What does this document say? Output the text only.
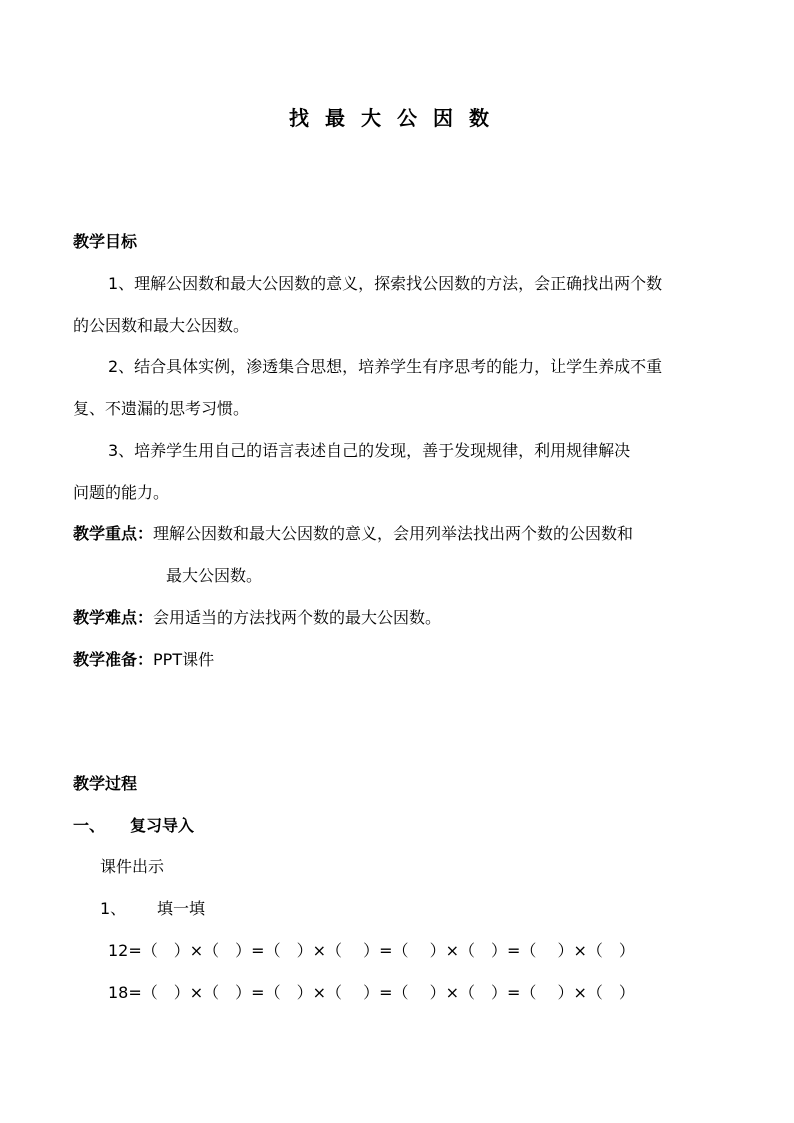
找最大公因数
教学目标
1、理解公因数和最大公因数的意义，探索找公因数的方法，会正确找出两个数
的公因数和最大公因数。
2、结合具体实例，渗透集合思想，培养学生有序思考的能力，让学生养成不重
复、不遗漏的思考习惯。
3、培养学生用自己的语言表述自己的发现，善于发现规律，利用规律解决
问题的能力。
教学重点：理解公因数和最大公因数的意义，会用列举法找出两个数的公因数和
最大公因数。
教学难点：会用适当的方法找两个数的最大公因数。
教学准备：PPT课件
教学过程
一、 复习导入
课件出示
1、 填一填
12=（　）×（　）=（　）×（　 ）=（　 ）×（　）=（　 ）×（　）
18=（　）×（　）=（　）×（　 ）=（　 ）×（　）=（　 ）×（　）
